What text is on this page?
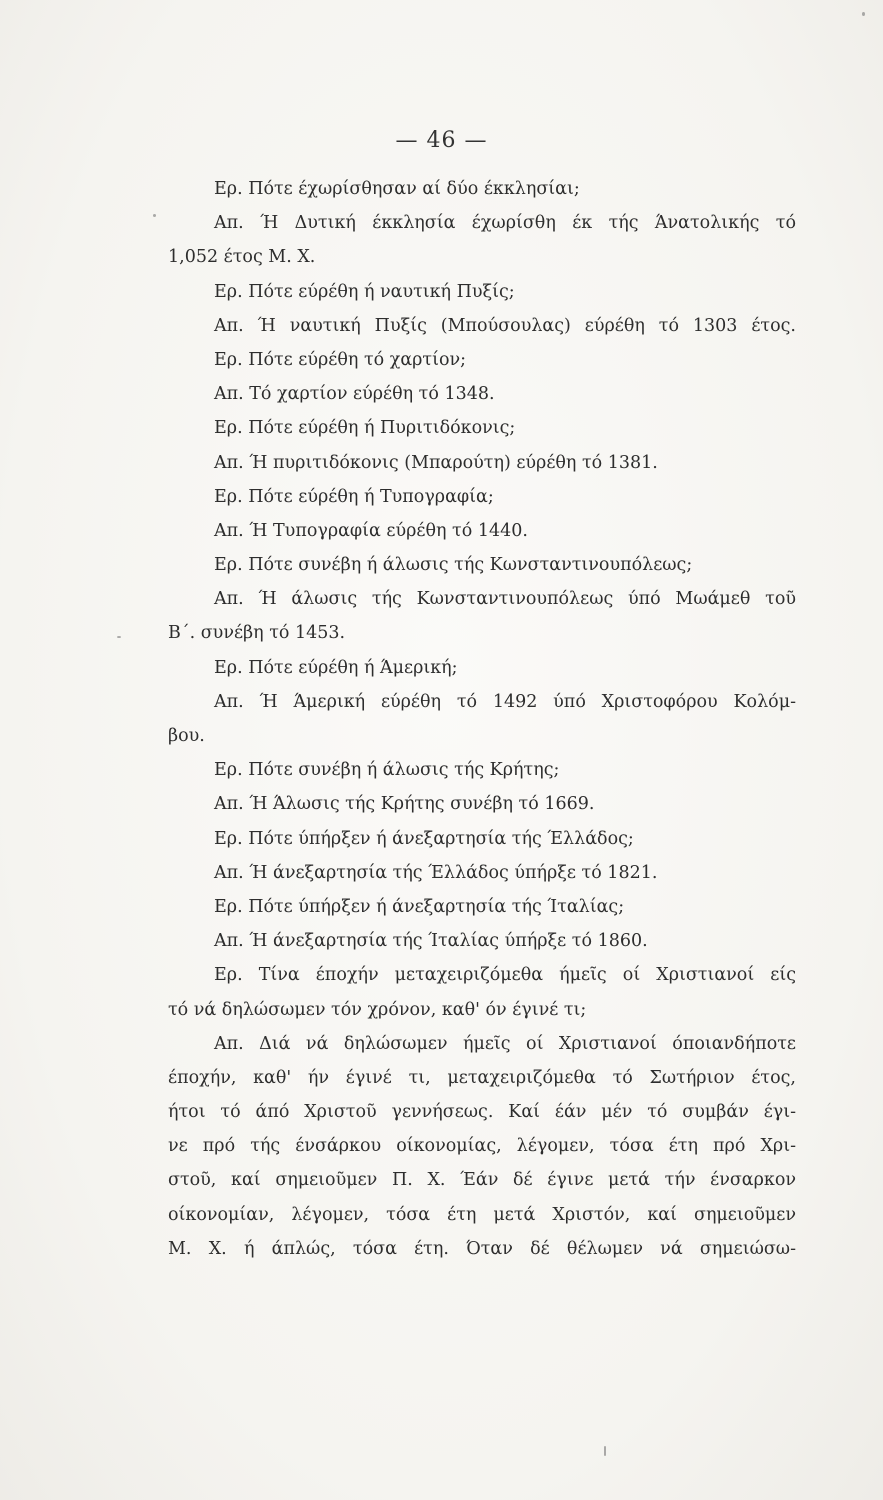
— 46 —
Ερ. Πότε έχωρίσθησαν αί δύο έκκλησίαι;
Απ. Ή Δυτική έκκλησία έχωρίσθη έκ τής Άνατολικής τό
1,052 έτος Μ. Χ.
Ερ. Πότε εύρέθη ή ναυτική Πυξίς;
Απ. Ή ναυτική Πυξίς (Μπούσουλας) εύρέθη τό 1303 έτος.
Ερ. Πότε εύρέθη τό χαρτίον;
Απ. Τό χαρτίον εύρέθη τό 1348.
Ερ. Πότε εύρέθη ή Πυριτιδόκονις;
Απ. Ή πυριτιδόκονις (Μπαρούτη) εύρέθη τό 1381.
Ερ. Πότε εύρέθη ή Τυπογραφία;
Απ. Ή Τυπογραφία εύρέθη τό 1440.
Ερ. Πότε συνέβη ή άλωσις τής Κωνσταντινουπόλεως;
Απ. Ή άλωσις τής Κωνσταντινουπόλεως ύπό Μωάμεθ τοῦ
Β΄. συνέβη τό 1453.
Ερ. Πότε εύρέθη ή Άμερική;
Απ. Ή Άμερική εύρέθη τό 1492 ύπό Χριστοφόρου Κολόμ-
βου.
Ερ. Πότε συνέβη ή άλωσις τής Κρήτης;
Απ. Ή Άλωσις τής Κρήτης συνέβη τό 1669.
Ερ. Πότε ύπήρξεν ή άνεξαρτησία τής Έλλάδος;
Απ. Ή άνεξαρτησία τής Έλλάδος ύπήρξε τό 1821.
Ερ. Πότε ύπήρξεν ή άνεξαρτησία τής Ίταλίας;
Απ. Ή άνεξαρτησία τής Ίταλίας ύπήρξε τό 1860.
Ερ. Τίνα έποχήν μεταχειριζόμεθα ήμεῖς οί Χριστιανοί είς
τό νά δηλώσωμεν τόν χρόνον, καθ' όν έγινέ τι;
Απ. Διά νά δηλώσωμεν ήμεῖς οί Χριστιανοί όποιανδήποτε
έποχήν, καθ' ήν έγινέ τι, μεταχειριζόμεθα τό Σωτήριον έτος,
ήτοι τό άπό Χριστοῦ γεννήσεως. Καί έάν μέν τό συμβάν έγι-
νε πρό τής ένσάρκου οίκονομίας, λέγομεν, τόσα έτη πρό Χρι-
στοῦ, καί σημειοῦμεν Π. Χ. Έάν δέ έγινε μετά τήν ένσαρκον
οίκονομίαν, λέγομεν, τόσα έτη μετά Χριστόν, καί σημειοῦμεν
Μ. Χ. ή άπλώς, τόσα έτη. Όταν δέ θέλωμεν νά σημειώσω-
